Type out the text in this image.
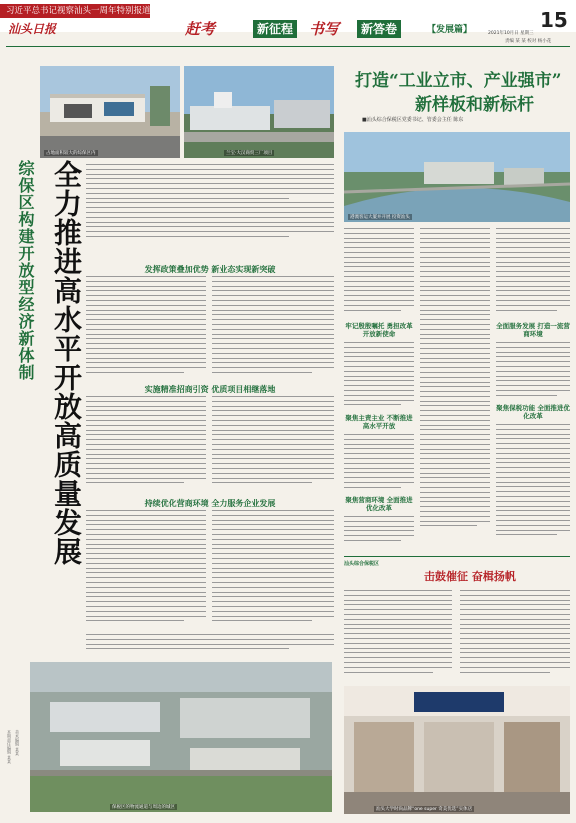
习近平总书记视察汕头一周年特别报道
汕头日报	赶考	新征程 书写	新答卷	【发展篇】	15
2021年10月日 星期三
责编 某 某 校对 杨小花
占地面积较大的综保区内	兰宝·大汉商贸三厂项目
全力推进高水平开放高质量发展
综保区构建开放型经济新体制	发挥政策叠加优势 新业态实现新突破
实施精准招商引资 优质项目相继落地
持续优化营商环境 全力服务企业发展
保税区的物流通道与周边的城区
本期责任编辑 某某 美术编辑 某某
打造“工业立市、产业强市”
新样板和新标杆
■汕头综合保税区党委书记、管委会主任 陈东
港澳客运大厦并开展 投资汕头
牢记殷殷嘱托 勇担改革开放新使命
聚焦主责主业 不断推进高水平开放
聚焦营商环境 全面推进优化改革
全面服务发展 打造一流营商环境
聚焦保税功能 全面推进优化改革
汕头综合保税区
击鼓催征 奋楫扬帆
汕头大学时尚品牌“one super 奇美优选”实体店
